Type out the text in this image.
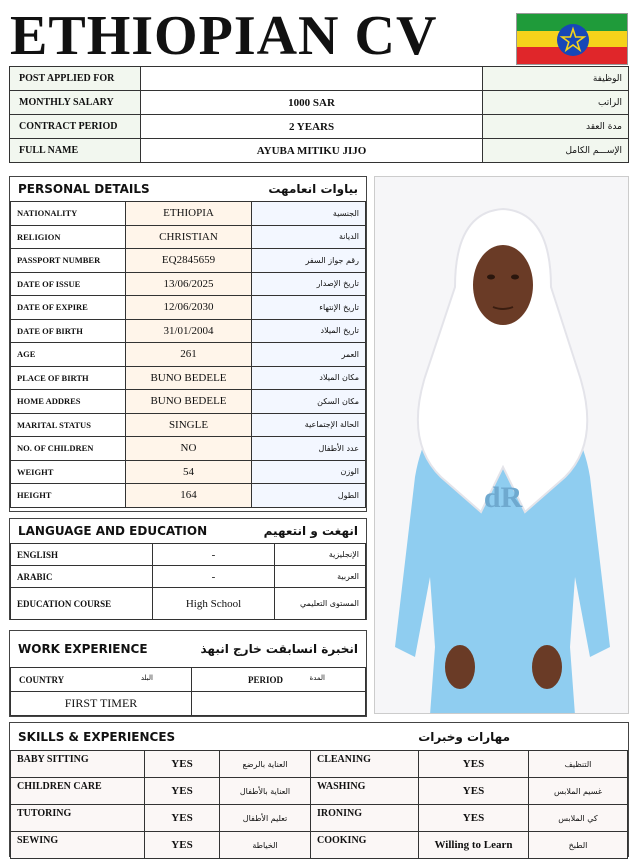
ETHIOPIAN CV
POST APPLIED FOR		الوظيفة
MONTHLY SALARY	1000 SAR	الراتب
CONTRACT PERIOD	2 YEARS	مدة العقد
FULL NAME	AYUBA MITIKU JIJO	الإســـم الكامل
PERSONAL DETAILS	بياوات انعامهت
NATIONALITY	ETHIOPIA	الجنسية
RELIGION	CHRISTIAN	الديانة
PASSPORT NUMBER	EQ2845659	رقم جواز السفر
DATE OF ISSUE	13/06/2025	تاريخ الإصدار
DATE OF EXPIRE	12/06/2030	تاريخ الإنتهاء
DATE OF BIRTH	31/01/2004	تاريخ الميلاد
AGE	261	العمر
PLACE OF BIRTH	BUNO BEDELE	مكان الميلاد
HOME ADDRES	BUNO BEDELE	مكان السكن
MARITAL STATUS	SINGLE	الحالة الإجتماعية
NO. OF CHILDREN	NO	عدد الأطفال
WEIGHT	54	الوزن
HEIGHT	164	الطول
LANGUAGE AND EDUCATION	انهغت و انتعهيم
ENGLISH	-	الإنجليزية
ARABIC	-	العربية
EDUCATION COURSE	High School	المستوى التعليمي
WORK EXPERIENCE	انخبرة انسابقت خارج انبهذ
COUNTRY البلد	PERIOD المدة

FIRST TIMER	
dR
SKILLS & EXPERIENCES	مهارات وخبرات
BABY SITTING	YES	العناية بالرضع	CLEANING	YES	التنظيف
CHILDREN CARE	YES	العناية بالأطفال	WASHING	YES	غسيم الملابس
TUTORING	YES	تعليم الأطفال	IRONING	YES	كي الملابس
SEWING	YES	الخياطة	COOKING	Willing to Learn	الطبخ
